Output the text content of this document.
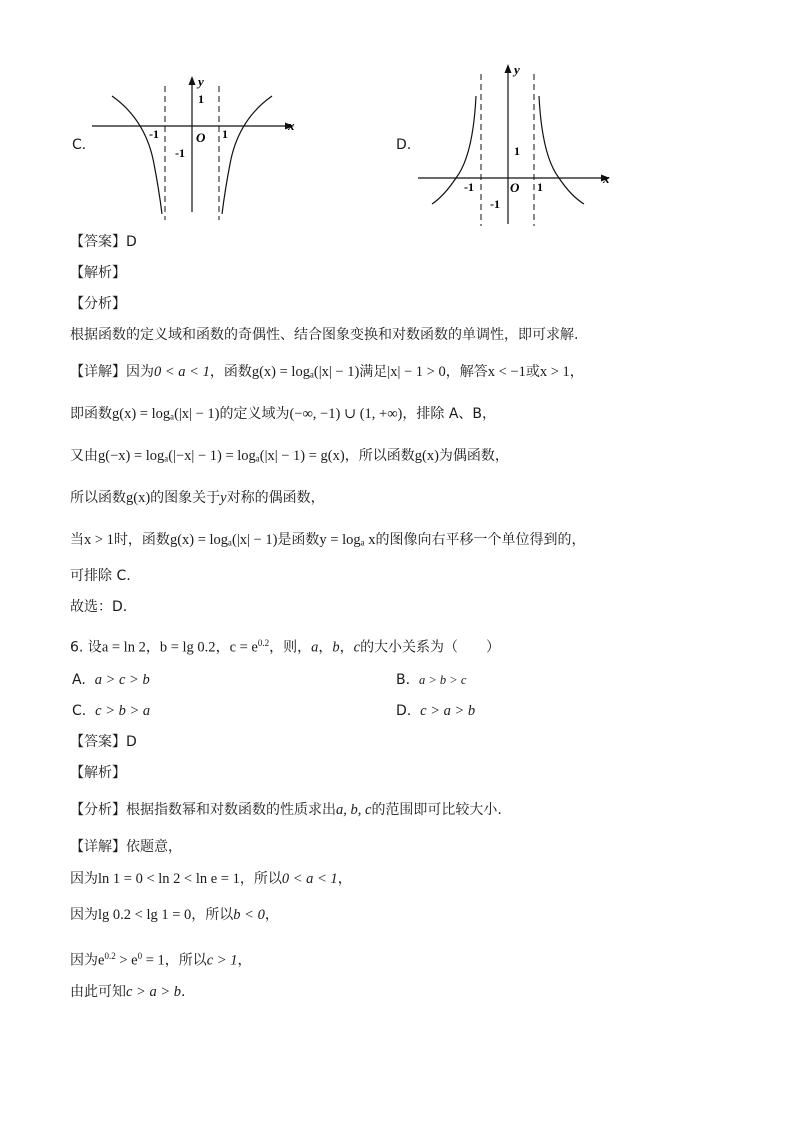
C.
x
y
O
-1	1
1
-1	D.
x
y
O
-1	1
1
-1
【答案】D
【解析】
【分析】
根据函数的定义域和函数的奇偶性、结合图象变换和对数函数的单调性，即可求解.
【详解】因为0 < a < 1，函数g(x) = logₐ(|x| − 1)满足|x| − 1 > 0，解答x < −1或x > 1，
即函数g(x) = logₐ(|x| − 1)的定义域为(−∞, −1) ∪ (1, +∞)，排除 A、B，
又由g(−x) = logₐ(|−x| − 1) = logₐ(|x| − 1) = g(x)，所以函数g(x)为偶函数，
所以函数g(x)的图象关于y对称的偶函数，
当x > 1时，函数g(x) = logₐ(|x| − 1)是函数y = logₐ x的图像向右平移一个单位得到的，
可排除 C.
故选：D.
6. 设a = ln 2，b = lg 0.2，$c = e^{0.2}$，则，a，b，c的大小关系为（　　）
A. a > c > b	B. a > b > c
C. c > b > a	D. c > a > b
【答案】D
【解析】
【分析】根据指数幂和对数函数的性质求出a, b, c的范围即可比较大小.
【详解】依题意，
因为ln 1 = 0 < ln 2 < ln e = 1，所以0 < a < 1，
因为lg 0.2 < lg 1 = 0，所以b < 0，
因为$e^{0.2} > e^0 = 1$，所以c > 1，
由此可知c > a > b.
